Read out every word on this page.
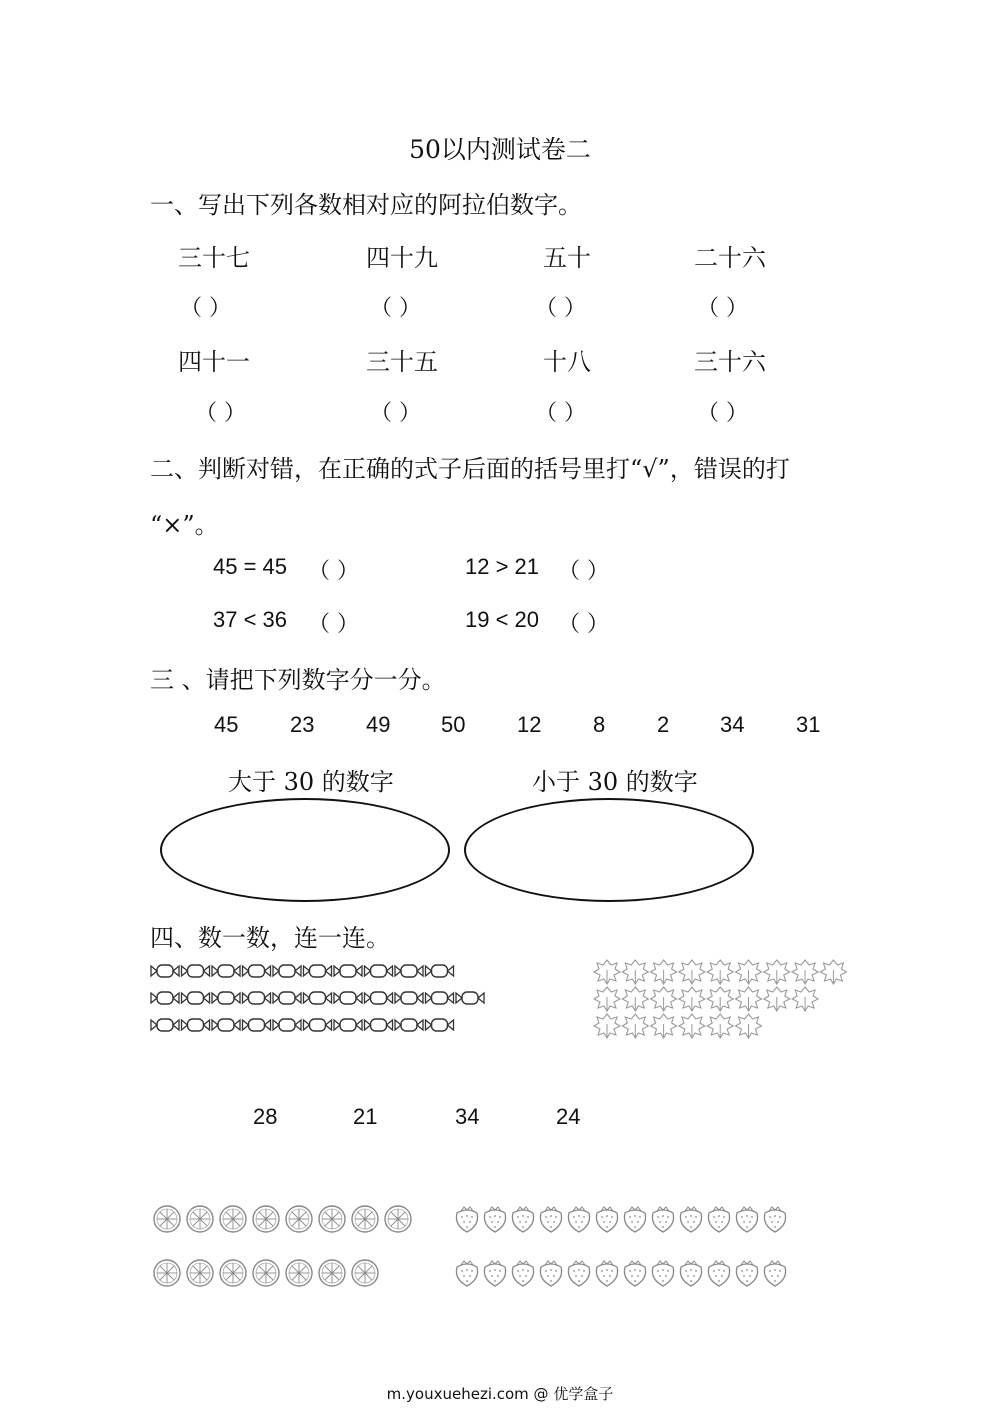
50以内测试卷二
一、写出下列各数相对应的阿拉伯数字。
三十七	四十九	五十	二十六
（ ）	（ ）	（ ）	（ ）
四十一	三十五	十八	三十六
（ ）	（ ）	（ ）	（ ）
二、判断对错，在正确的式子后面的括号里打“√”，错误的打
“×”。
45 = 45 （ ）	12 > 21 （ ）
37 < 36 （ ）	19 < 20 （ ）
三 、请把下列数字分一分。
45 23 49 50 12 8 2 34 31
大于 30 的数字	小于 30 的数字
四、数一数，连一连。
28	21	34	24
m.youxuehezi.com @ 优学盒子
